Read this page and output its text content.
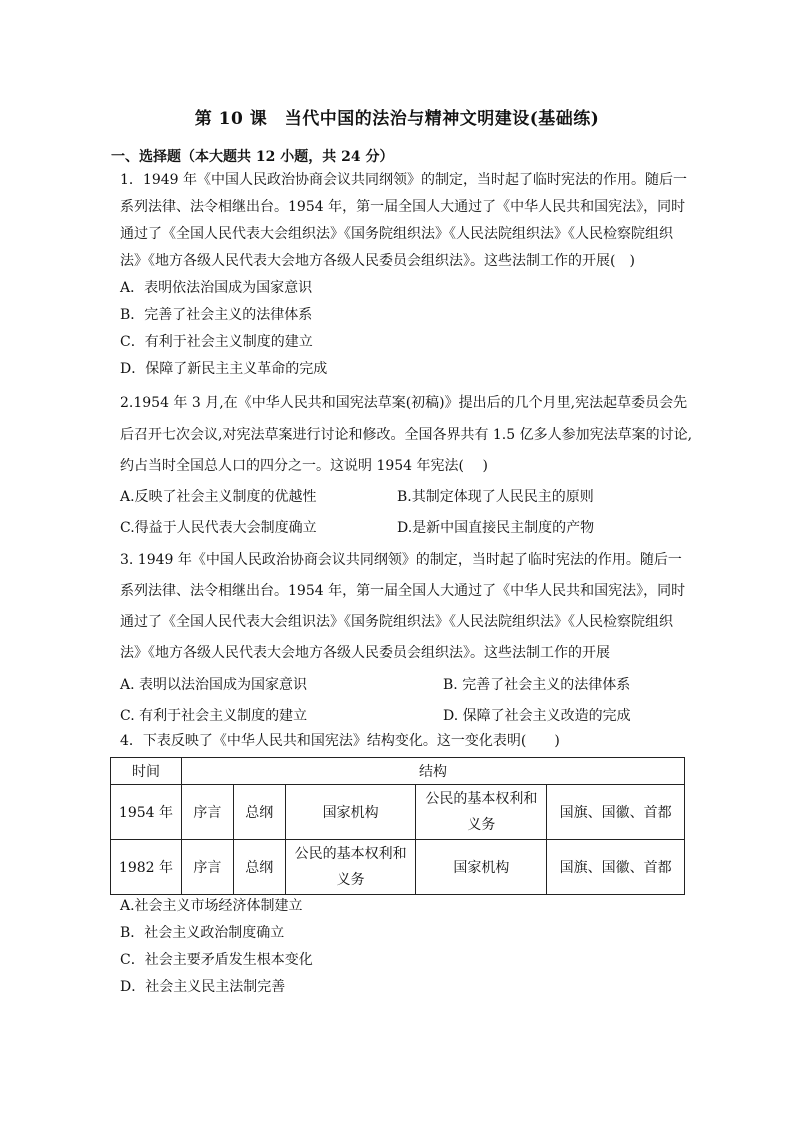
第 10 课　当代中国的法治与精神文明建设(基础练)
一、选择题（本大题共 12 小题，共 24 分）
1．1949 年《中国人民政治协商会议共同纲领》的制定，当时起了临时宪法的作用。随后一
系列法律、法令相继出台。1954 年，第一届全国人大通过了《中华人民共和国宪法》，同时
通过了《全国人民代表大会组织法》《国务院组织法》《人民法院组织法》《人民检察院组织
法》《地方各级人民代表大会地方各级人民委员会组织法》。这些法制工作的开展(　)
A．表明依法治国成为国家意识
B．完善了社会主义的法律体系
C．有利于社会主义制度的建立
D．保障了新民主主义革命的完成
2.1954 年 3 月,在《中华人民共和国宪法草案(初稿)》提出后的几个月里,宪法起草委员会先
后召开七次会议,对宪法草案进行讨论和修改。全国各界共有 1.5 亿多人参加宪法草案的讨论,
约占当时全国总人口的四分之一。这说明 1954 年宪法(　 )
A.反映了社会主义制度的优越性	B.其制定体现了人民民主的原则
C.得益于人民代表大会制度确立	D.是新中国直接民主制度的产物
3. 1949 年《中国人民政治协商会议共同纲领》的制定，当时起了临时宪法的作用。随后一
系列法律、法令相继出台。1954 年，第一届全国人大通过了《中华人民共和国宪法》，同时
通过了《全国人民代表大会组识法》《国务院组织法》《人民法院组织法》《人民检察院组织
法》《地方各级人民代表大会地方各级人民委员会组织法》。这些法制工作的开展
A. 表明以法治国成为国家意识	B. 完善了社会主义的法律体系
C. 有利于社会主义制度的建立	D. 保障了社会主义改造的完成
4．下表反映了《中华人民共和国宪法》结构变化。这一变化表明(　　)
时间	结构				
1954 年	序言	总纲	国家机构	公民的基本权利和
义务	国旗、国徽、首都
1982 年	序言	总纲	公民的基本权利和
义务	国家机构	国旗、国徽、首都
A.社会主义市场经济体制建立
B．社会主义政治制度确立
C．社会主要矛盾发生根本变化
D．社会主义民主法制完善
